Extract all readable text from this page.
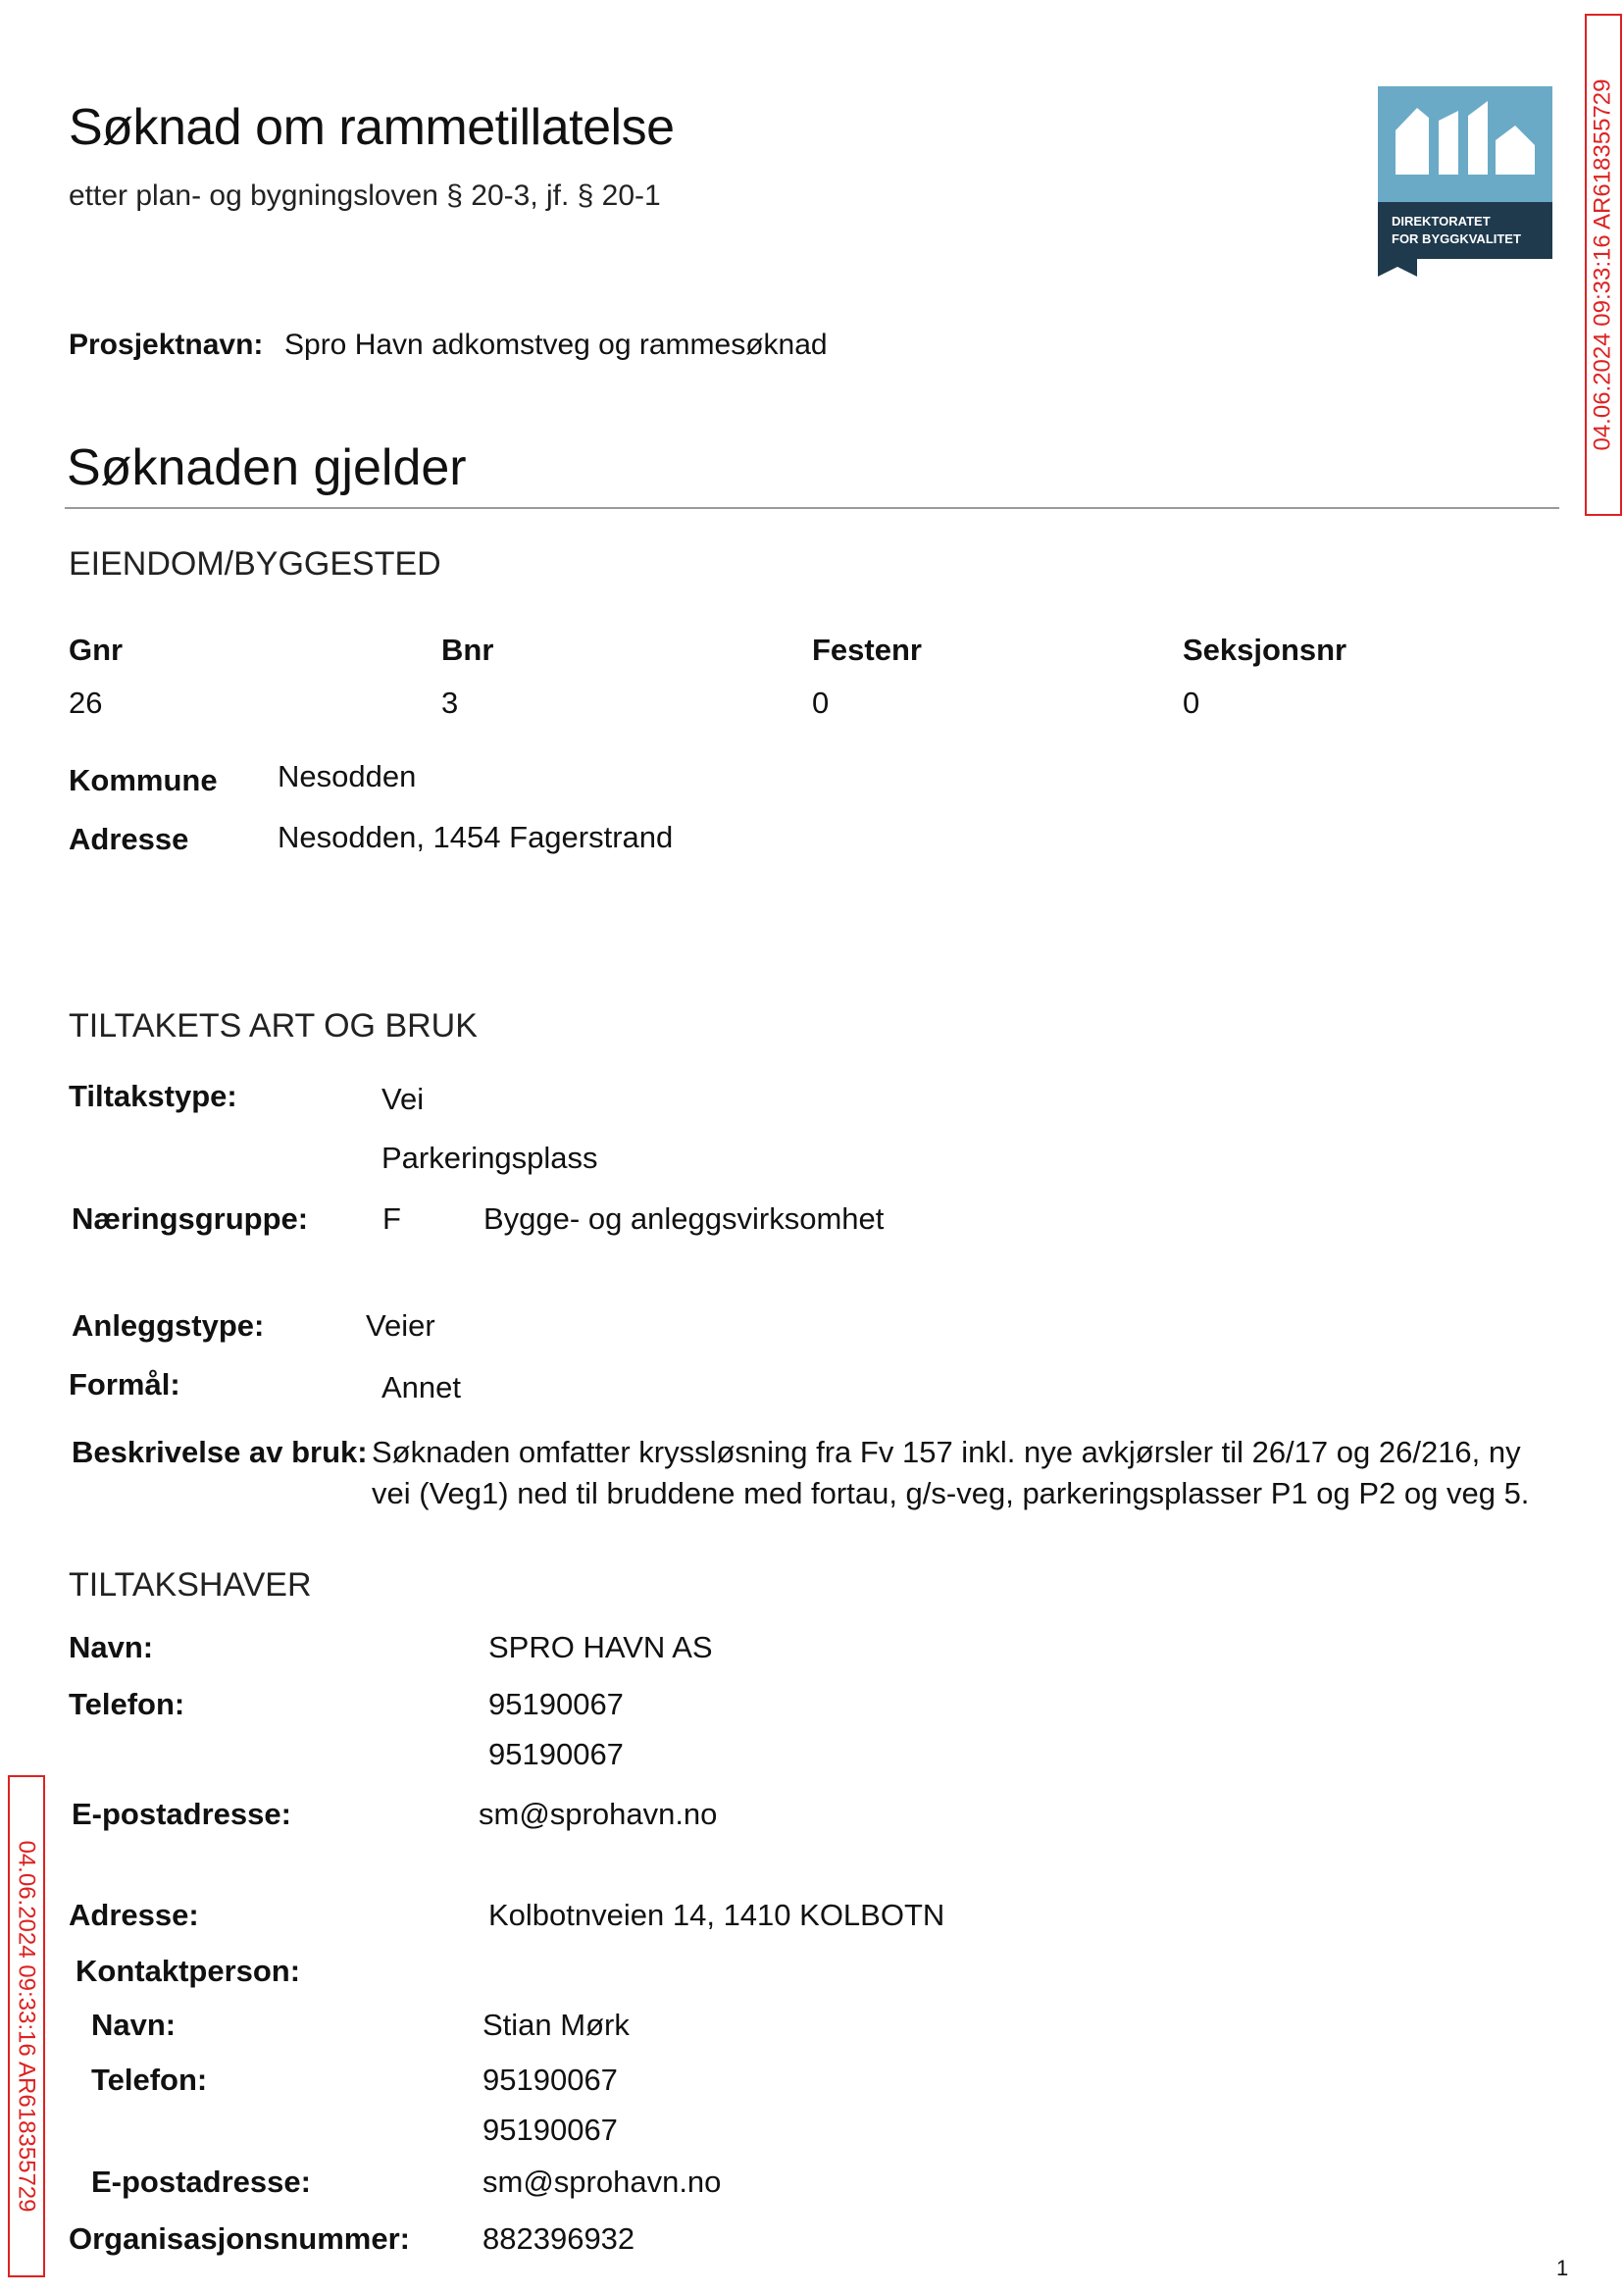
Søknad om rammetillatelse
etter plan- og bygningsloven § 20-3, jf. § 20-1
DIREKTORATET
FOR BYGGKVALITET	04.06.2024 09:33:16 AR618355729
04.06.2024 09:33:16 AR618355729
Prosjektnavn: Spro Havn adkomstveg og rammesøknad
Søknaden gjelder
EIENDOM/BYGGESTED
Gnr	Bnr	Festenr	Seksjonsnr
26	3	0	0
Kommune Nesodden
Adresse	Nesodden, 1454 Fagerstrand
TILTAKETS ART OG BRUK
Tiltakstype:	Vei
Parkeringsplass
Næringsgruppe: F	Bygge- og anleggsvirksomhet
Anleggstype:	Veier
Formål:	Annet
Beskrivelse av bruk: Søknaden omfatter kryssløsning fra Fv 157 inkl. nye avkjørsler til 26/17 og 26/216, ny
vei (Veg1) ned til bruddene med fortau, g/s-veg, parkeringsplasser P1 og P2 og veg 5.
TILTAKSHAVER
Navn:	SPRO HAVN AS
Telefon:	95190067
95190067
E-postadresse:	sm@sprohavn.no
Adresse:	Kolbotnveien 14, 1410 KOLBOTN
Kontaktperson:
Navn:	Stian Mørk
Telefon:	95190067
95190067
E-postadresse:	sm@sprohavn.no
Organisasjonsnummer: 882396932
1
